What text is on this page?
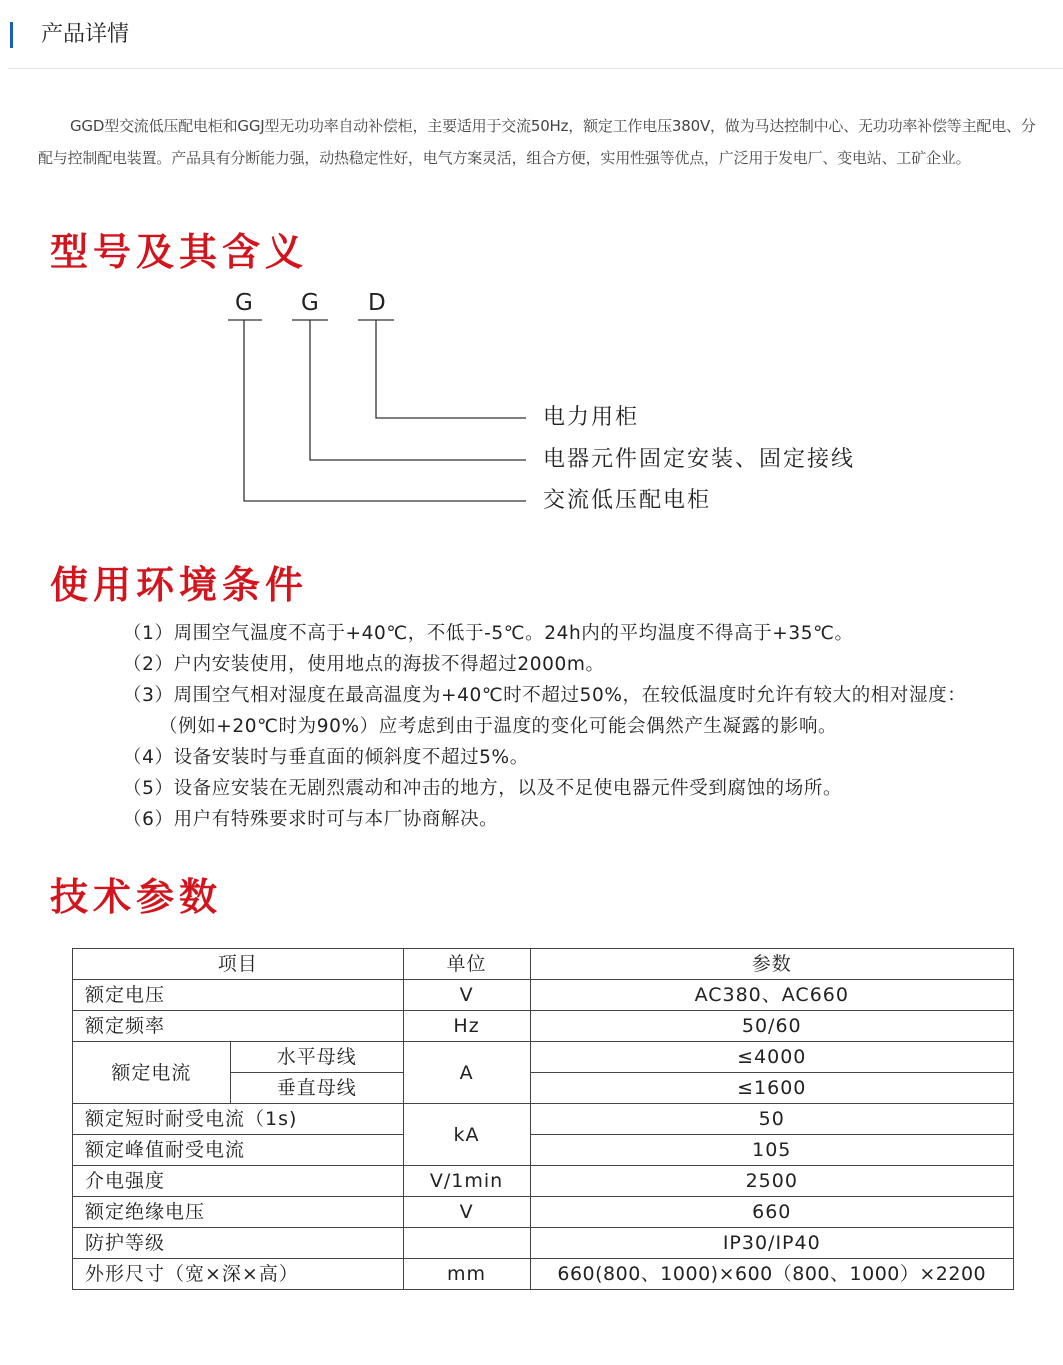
产品详情
GGD型交流低压配电柜和GGJ型无功功率自动补偿柜，主要适用于交流50Hz，额定工作电压380V，做为马达控制中心、无功功率补偿等主配电、分配与控制配电装置。产品具有分断能力强，动热稳定性好，电气方案灵活，组合方便，实用性强等优点，广泛用于发电厂、变电站、工矿企业。
型号及其含义
G G D
电力用柜
电器元件固定安装、固定接线
交流低压配电柜
使用环境条件
（1）周围空气温度不高于+40℃，不低于-5℃。24h内的平均温度不得高于+35℃。
（2）户内安装使用，使用地点的海拔不得超过2000m。
（3）周围空气相对湿度在最高温度为+40℃时不超过50%，在较低温度时允许有较大的相对湿度：
（例如+20℃时为90%）应考虑到由于温度的变化可能会偶然产生凝露的影响。
（4）设备安装时与垂直面的倾斜度不超过5%。
（5）设备应安装在无剧烈震动和冲击的地方，以及不足使电器元件受到腐蚀的场所。
（6）用户有特殊要求时可与本厂协商解决。
技术参数
项目		单位	参数
额定电压		V	AC380、AC660
额定频率		Hz	50/60
额定电流	水平母线	A	≤4000
	垂直母线		≤1600
额定短时耐受电流（1s)		kA	50
额定峰值耐受电流			105
介电强度		V/1min	2500
额定绝缘电压		V	660
防护等级			IP30/IP40
外形尺寸（宽×深×高）		mm	660(800、1000)×600（800、1000）×2200
